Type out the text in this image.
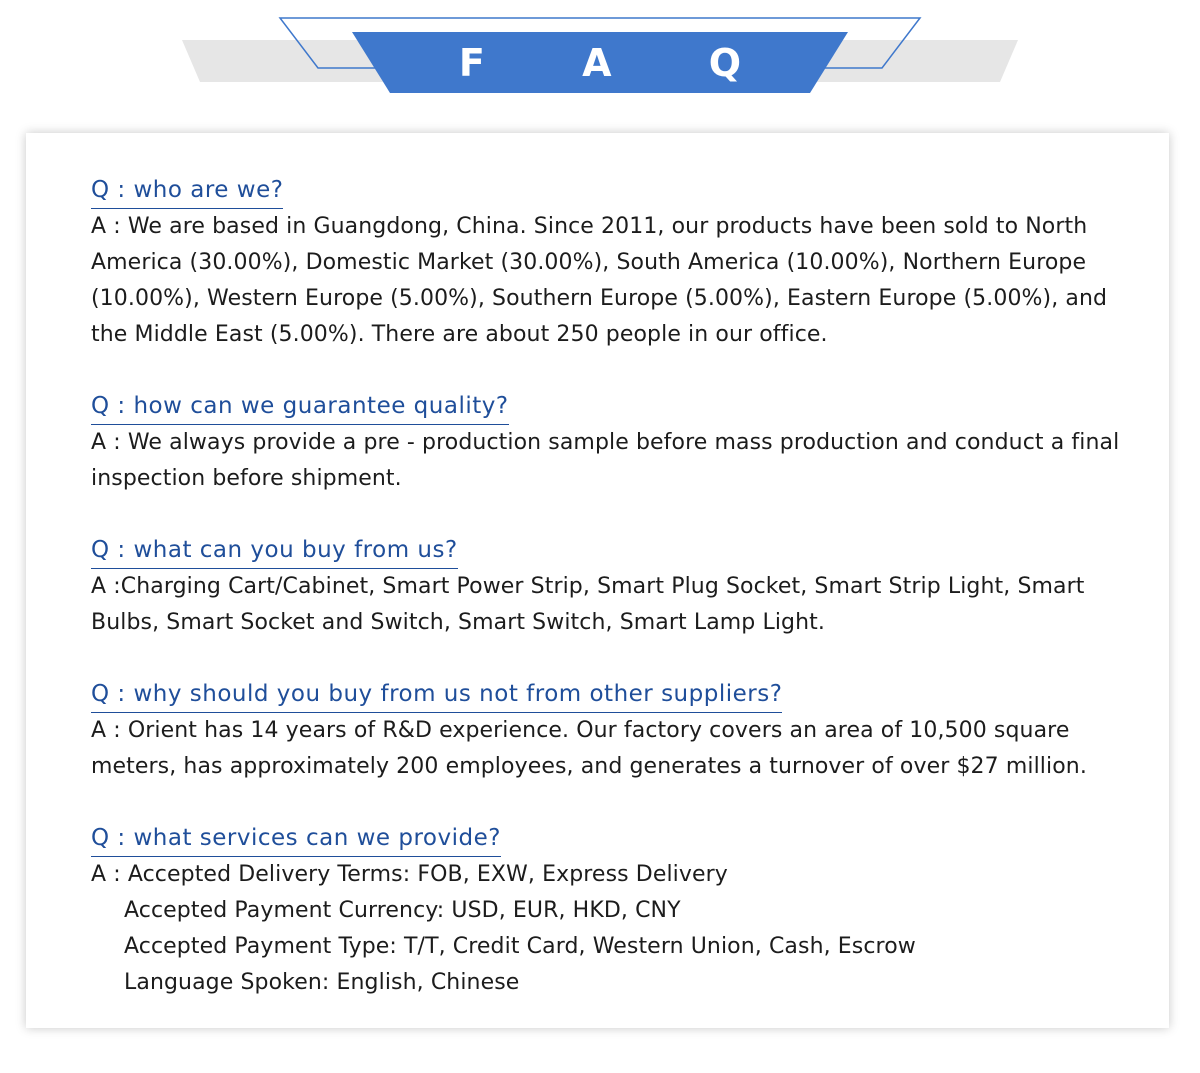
F A Q
Q : who are we?
A : We are based in Guangdong, China. Since 2011, our products have been sold to North America (30.00%), Domestic Market (30.00%), South America (10.00%), Northern Europe (10.00%), Western Europe (5.00%), Southern Europe (5.00%), Eastern Europe (5.00%), and the Middle East (5.00%). There are about 250 people in our office.
Q : how can we guarantee quality?
A : We always provide a pre - production sample before mass production and conduct a final inspection before shipment.
Q : what can you buy from us?
A :Charging Cart/Cabinet, Smart Power Strip, Smart Plug Socket, Smart Strip Light, Smart Bulbs, Smart Socket and Switch, Smart Switch, Smart Lamp Light.
Q : why should you buy from us not from other suppliers?
A : Orient has 14 years of R&D experience. Our factory covers an area of 10,500 square meters, has approximately 200 employees, and generates a turnover of over $27 million.
Q : what services can we provide?
A : Accepted Delivery Terms: FOB, EXW, Express Delivery
Accepted Payment Currency: USD, EUR, HKD, CNY
Accepted Payment Type: T/T, Credit Card, Western Union, Cash, Escrow
Language Spoken: English, Chinese
